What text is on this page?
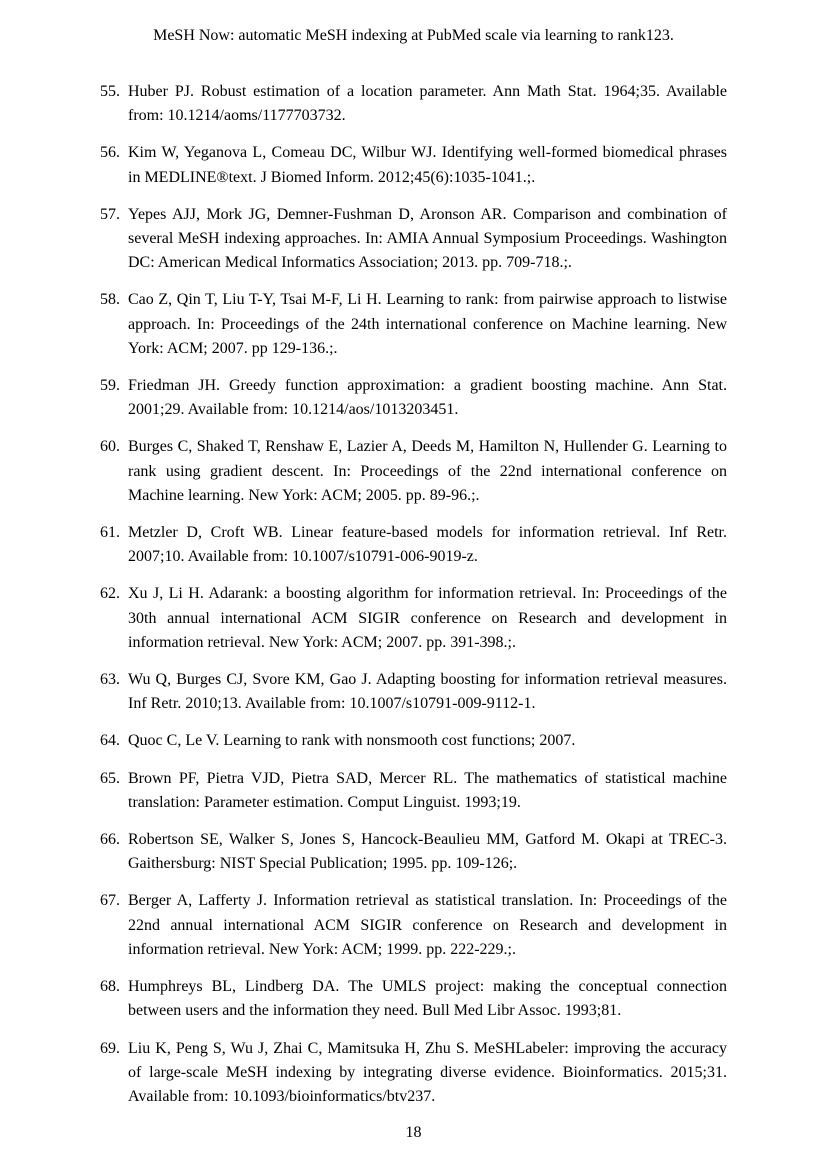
MeSH Now: automatic MeSH indexing at PubMed scale via learning to rank123.
55. Huber PJ. Robust estimation of a location parameter. Ann Math Stat. 1964;35. Available from: 10.1214/aoms/1177703732.
56. Kim W, Yeganova L, Comeau DC, Wilbur WJ. Identifying well-formed biomedical phrases in MEDLINE®text. J Biomed Inform. 2012;45(6):1035-1041.;.
57. Yepes AJJ, Mork JG, Demner-Fushman D, Aronson AR. Comparison and combination of several MeSH indexing approaches. In: AMIA Annual Symposium Proceedings. Washington DC: American Medical Informatics Association; 2013. pp. 709-718.;.
58. Cao Z, Qin T, Liu T-Y, Tsai M-F, Li H. Learning to rank: from pairwise approach to listwise approach. In: Proceedings of the 24th international conference on Machine learning. New York: ACM; 2007. pp 129-136.;.
59. Friedman JH. Greedy function approximation: a gradient boosting machine. Ann Stat. 2001;29. Available from: 10.1214/aos/1013203451.
60. Burges C, Shaked T, Renshaw E, Lazier A, Deeds M, Hamilton N, Hullender G. Learning to rank using gradient descent. In: Proceedings of the 22nd international conference on Machine learning. New York: ACM; 2005. pp. 89-96.;.
61. Metzler D, Croft WB. Linear feature-based models for information retrieval. Inf Retr. 2007;10. Available from: 10.1007/s10791-006-9019-z.
62. Xu J, Li H. Adarank: a boosting algorithm for information retrieval. In: Proceedings of the 30th annual international ACM SIGIR conference on Research and development in information retrieval. New York: ACM; 2007. pp. 391-398.;.
63. Wu Q, Burges CJ, Svore KM, Gao J. Adapting boosting for information retrieval measures. Inf Retr. 2010;13. Available from: 10.1007/s10791-009-9112-1.
64. Quoc C, Le V. Learning to rank with nonsmooth cost functions; 2007.
65. Brown PF, Pietra VJD, Pietra SAD, Mercer RL. The mathematics of statistical machine translation: Parameter estimation. Comput Linguist. 1993;19.
66. Robertson SE, Walker S, Jones S, Hancock-Beaulieu MM, Gatford M. Okapi at TREC-3. Gaithersburg: NIST Special Publication; 1995. pp. 109-126;.
67. Berger A, Lafferty J. Information retrieval as statistical translation. In: Proceedings of the 22nd annual international ACM SIGIR conference on Research and development in information retrieval. New York: ACM; 1999. pp. 222-229.;.
68. Humphreys BL, Lindberg DA. The UMLS project: making the conceptual connection between users and the information they need. Bull Med Libr Assoc. 1993;81.
69. Liu K, Peng S, Wu J, Zhai C, Mamitsuka H, Zhu S. MeSHLabeler: improving the accuracy of large-scale MeSH indexing by integrating diverse evidence. Bioinformatics. 2015;31. Available from: 10.1093/bioinformatics/btv237.
18
